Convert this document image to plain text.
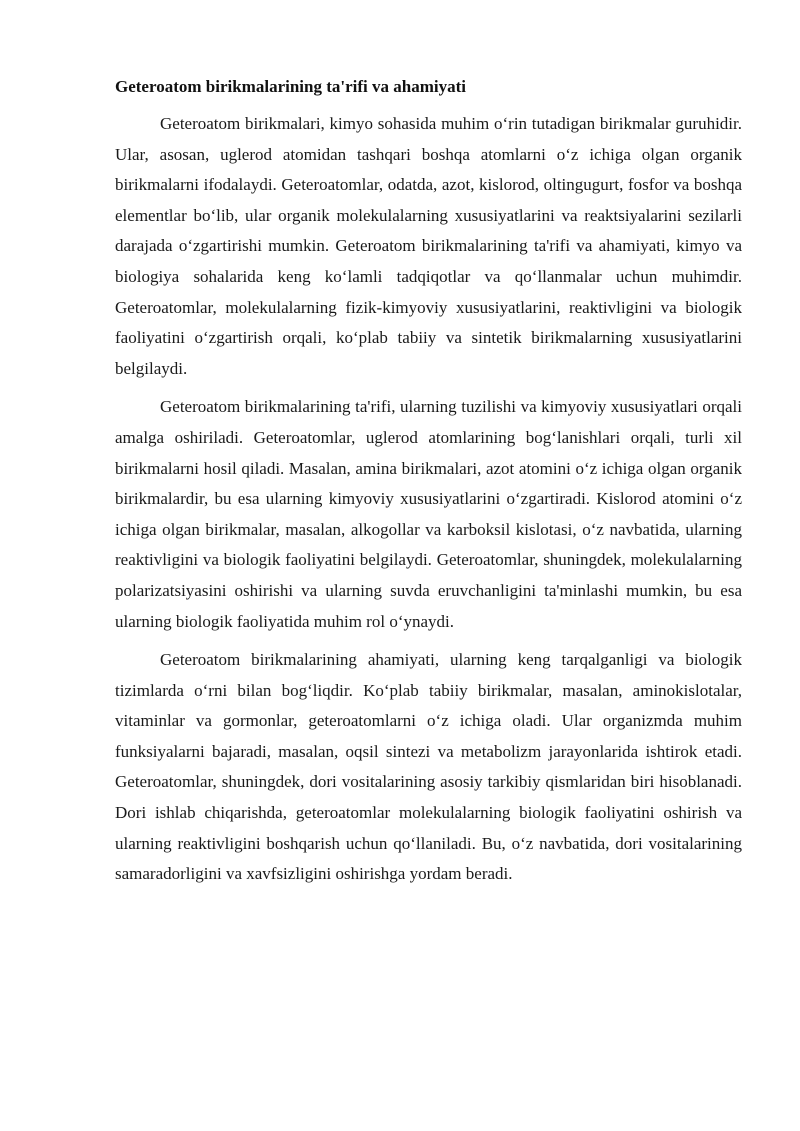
Geteroatom birikmalarining ta'rifi va ahamiyati

Geteroatom birikmalari, kimyo sohasida muhim o‘rin tutadigan birikmalar guruhidir. Ular, asosan, uglerod atomidan tashqari boshqa atomlarni o‘z ichiga olgan organik birikmalarni ifodalaydi. Geteroatomlar, odatda, azot, kislorod, oltingugurt, fosfor va boshqa elementlar bo‘lib, ular organik molekulalarning xususiyatlarini va reaktsiyalarini sezilarli darajada o‘zgartirishi mumkin. Geteroatom birikmalarining ta'rifi va ahamiyati, kimyo va biologiya sohalarida keng ko‘lamli tadqiqotlar va qo‘llanmalar uchun muhimdir. Geteroatomlar, molekulalarning fizik-kimyoviy xususiyatlarini, reaktivligini va biologik faoliyatini o‘zgartirish orqali, ko‘plab tabiiy va sintetik birikmalarning xususiyatlarini belgilaydi.

Geteroatom birikmalarining ta'rifi, ularning tuzilishi va kimyoviy xususiyatlari orqali amalga oshiriladi. Geteroatomlar, uglerod atomlarining bog‘lanishlari orqali, turli xil birikmalarni hosil qiladi. Masalan, amina birikmalari, azot atomini o‘z ichiga olgan organik birikmalardir, bu esa ularning kimyoviy xususiyatlarini o‘zgartiradi. Kislorod atomini o‘z ichiga olgan birikmalar, masalan, alkogollar va karboksil kislotasi, o‘z navbatida, ularning reaktivligini va biologik faoliyatini belgilaydi. Geteroatomlar, shuningdek, molekulalarning polarizatsiyasini oshirishi va ularning suvda eruvchanligini ta'minlashi mumkin, bu esa ularning biologik faoliyatida muhim rol o‘ynaydi.

Geteroatom birikmalarining ahamiyati, ularning keng tarqalganligi va biologik tizimlarda o‘rni bilan bog‘liqdir. Ko‘plab tabiiy birikmalar, masalan, aminokislotalar, vitaminlar va gormonlar, geteroatomlarni o‘z ichiga oladi. Ular organizmda muhim funksiyalarni bajaradi, masalan, oqsil sintezi va metabolizm jarayonlarida ishtirok etadi. Geteroatomlar, shuningdek, dori vositalarining asosiy tarkibiy qismlaridan biri hisoblanadi. Dori ishlab chiqarishda, geteroatomlar molekulalarning biologik faoliyatini oshirish va ularning reaktivligini boshqarish uchun qo‘llaniladi. Bu, o‘z navbatida, dori vositalarining samaradorligini va xavfsizligini oshirishga yordam beradi.
